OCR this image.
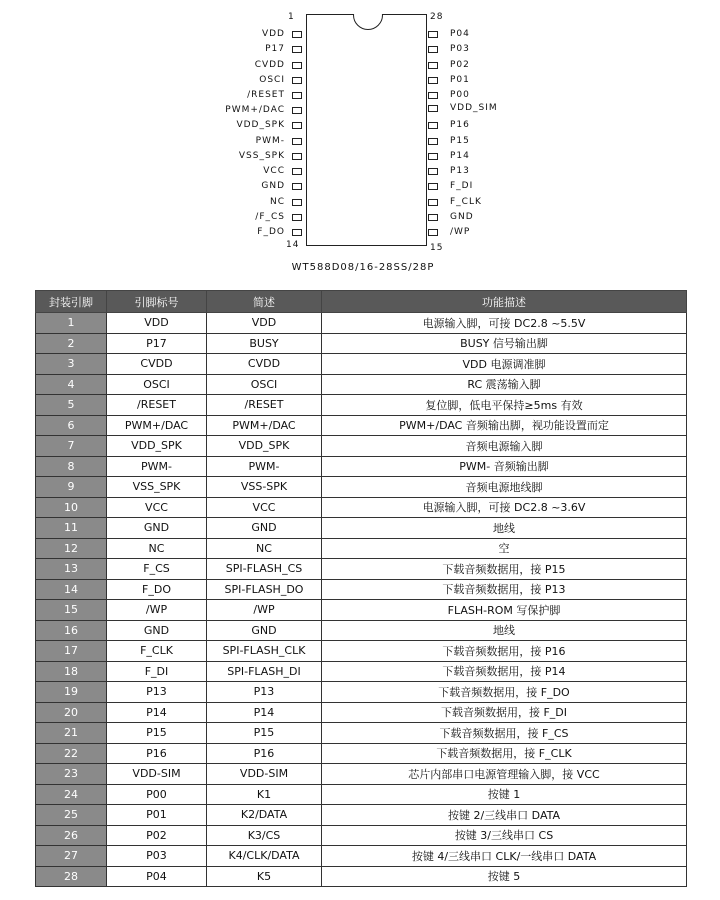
1	28
14	15
VDD
P17
CVDD
OSCI
/RESET
PWM+/DAC
VDD_SPK
PWM-
VSS_SPK
VCC
GND
NC
/F_CS
F_DO
P04
P03
P02
P01
P00
VDD_SIM
P16
P15
P14
P13
F_DI
F_CLK
GND
/WP
WT588D08/16-28SS/28P
封装引脚	引脚标号	简述	功能描述
1	VDD	VDD	电源输入脚，可接 DC2.8 ~5.5V
2	P17	BUSY	BUSY 信号输出脚
3	CVDD	CVDD	VDD 电源调准脚
4	OSCI	OSCI	RC 震荡输入脚
5	/RESET	/RESET	复位脚，低电平保持≥5ms 有效
6	PWM+/DAC	PWM+/DAC	PWM+/DAC 音频输出脚，视功能设置而定
7	VDD_SPK	VDD_SPK	音频电源输入脚
8	PWM-	PWM-	PWM- 音频输出脚
9	VSS_SPK	VSS-SPK	音频电源地线脚
10	VCC	VCC	电源输入脚，可接 DC2.8 ~3.6V
11	GND	GND	地线
12	NC	NC	空
13	F_CS	SPI-FLASH_CS	下载音频数据用，接 P15
14	F_DO	SPI-FLASH_DO	下载音频数据用，接 P13
15	/WP	/WP	FLASH-ROM 写保护脚
16	GND	GND	地线
17	F_CLK	SPI-FLASH_CLK	下载音频数据用，接 P16
18	F_DI	SPI-FLASH_DI	下载音频数据用，接 P14
19	P13	P13	下载音频数据用，接 F_DO
20	P14	P14	下载音频数据用，接 F_DI
21	P15	P15	下载音频数据用，接 F_CS
22	P16	P16	下载音频数据用，接 F_CLK
23	VDD-SIM	VDD-SIM	芯片内部串口电源管理输入脚，接 VCC
24	P00	K1	按键 1
25	P01	K2/DATA	按键 2/三线串口 DATA
26	P02	K3/CS	按键 3/三线串口 CS
27	P03	K4/CLK/DATA	按键 4/三线串口 CLK/一线串口 DATA
28	P04	K5	按键 5
